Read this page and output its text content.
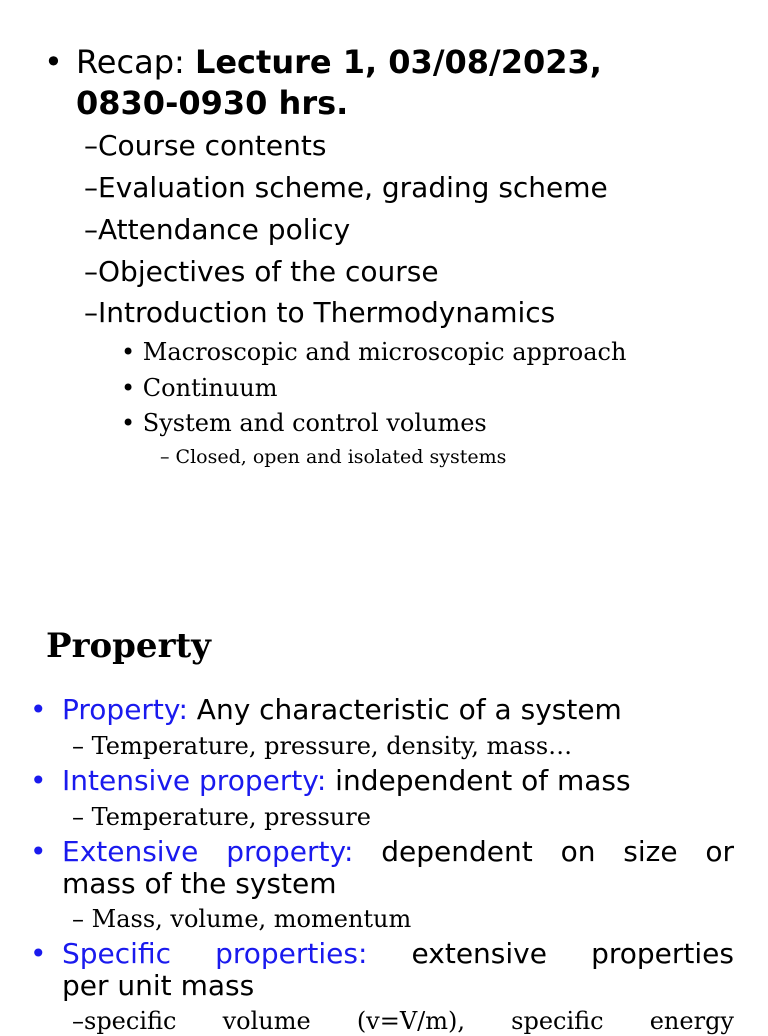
• Recap: Lecture 1, 03/08/2023,
0830-0930 hrs.
–Course contents
–Evaluation scheme, grading scheme
–Attendance policy
–Objectives of the course
–Introduction to Thermodynamics
• Macroscopic and microscopic approach
• Continuum
• System and control volumes
– Closed, open and isolated systems
Property
• Property: Any characteristic of a system
– Temperature, pressure, density, mass…
• Intensive property: independent of mass
– Temperature, pressure
• Extensive property: dependent on size or
mass of the system
– Mass, volume, momentum
• Specific properties: extensive properties
per unit mass
–specific volume (v=V/m), specific energy
